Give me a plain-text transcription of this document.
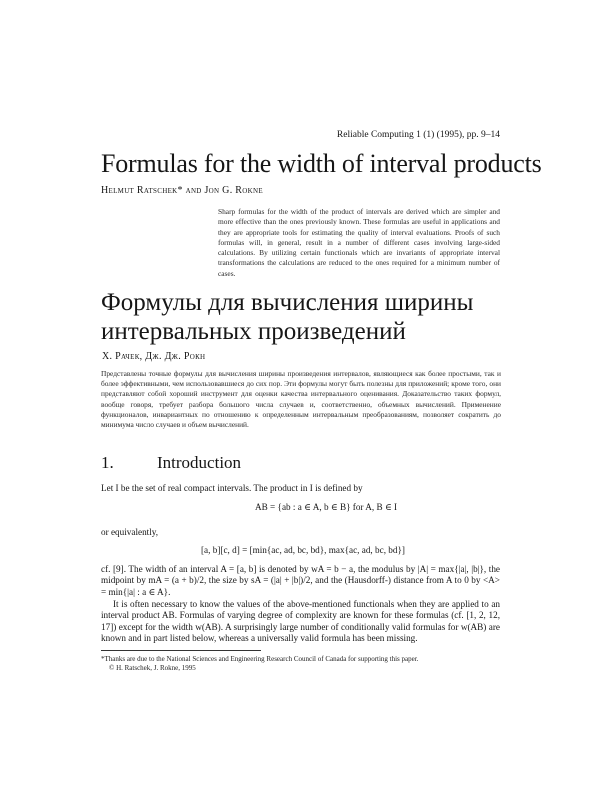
Reliable Computing 1 (1) (1995), pp. 9–14
Formulas for the width of interval products
Helmut Ratschek* and Jon G. Rokne
Sharp formulas for the width of the product of intervals are derived which are simpler and more effective than the ones previously known. These formulas are useful in applications and they are appropriate tools for estimating the quality of interval evaluations. Proofs of such formulas will, in general, result in a number of different cases involving large-sided calculations. By utilizing certain functionals which are invariants of appropriate interval transformations the calculations are reduced to the ones required for a minimum number of cases.
Формулы для вычисления ширины интервальных произведений
Х. Рачек, Дж. Дж. Рокн
Представлены точные формулы для вычисления ширины произведения интервалов, являющиеся как более простыми, так и более эффективными, чем использовавшиеся до сих пор. Эти формулы могут быть полезны для приложений; кроме того, они представляют собой хороший инструмент для оценки качества интервального оценивания. Доказательство таких формул, вообще говоря, требует разбора большого числа случаев и, соответственно, объемных вычислений. Применение функционалов, инвариантных по отношению к определенным интервальным преобразованиям, позволяет сократить до минимума число случаев и объем вычислений.
1.	Introduction
Let I be the set of real compact intervals. The product in I is defined by
AB = {ab : a ∈ A, b ∈ B} for A, B ∈ I
or equivalently,
[a, b][c, d] = [min{ac, ad, bc, bd}, max{ac, ad, bc, bd}]
cf. [9]. The width of an interval A = [a, b] is denoted by wA = b − a, the modulus by |A| = max{|a|, |b|}, the midpoint by mA = (a + b)/2, the size by sA = (|a| + |b|)/2, and the (Hausdorff-) distance from A to 0 by <A> = min{|a| : a ∈ A}.
It is often necessary to know the values of the above-mentioned functionals when they are applied to an interval product AB. Formulas of varying degree of complexity are known for these formulas (cf. [1, 2, 12, 17]) except for the width w(AB). A surprisingly large number of conditionally valid formulas for w(AB) are known and in part listed below, whereas a universally valid formula has been missing.
*Thanks are due to the National Sciences and Engineering Research Council of Canada for supporting this paper.
© H. Ratschek, J. Rokne, 1995
